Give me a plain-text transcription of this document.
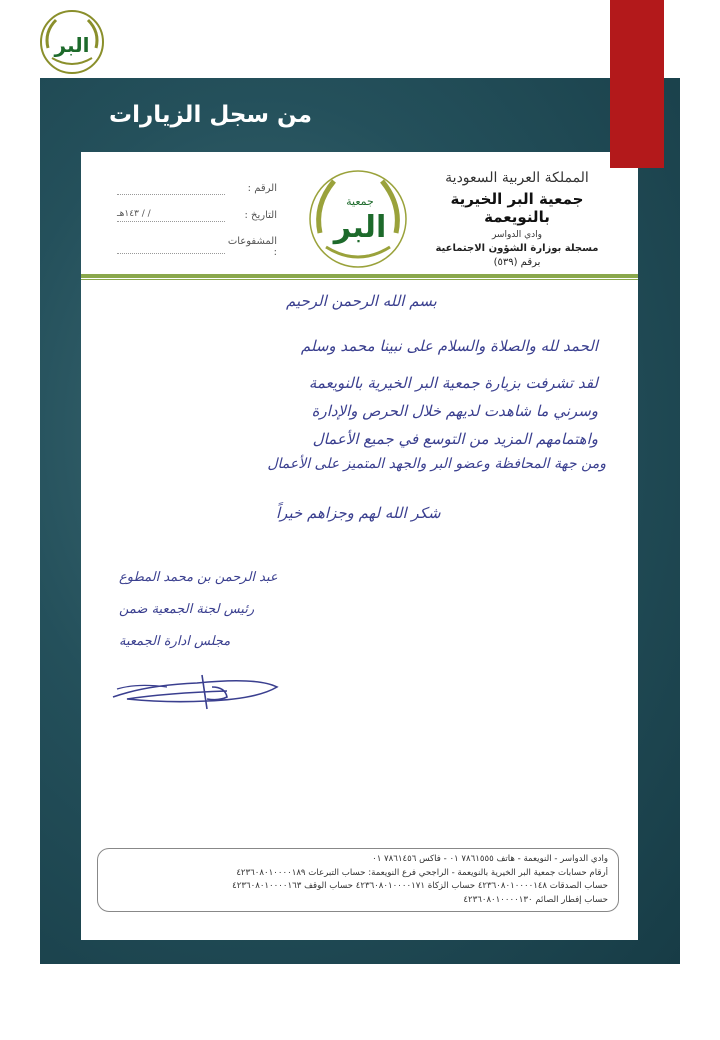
البر
من سجل الزيارات
المملكة العربية السعودية
جمعية البر الخيرية بالنويعمة
وادي الدواسر
مسجلة بوزارة الشؤون الاجتماعية
برقم (٥٣٩)
البر
جمعية
الرقم :
التاريخ :
/ / ١٤٣هـ
المشفوعات :
بسم الله الرحمن الرحيم
الحمد لله والصلاة والسلام على نبينا محمد وسلم
لقد تشرفت بزيارة جمعية البر الخيرية بالنويعمة
وسرني ما شاهدت لديهم خلال الحرص والإدارة
واهتمامهم المزيد من التوسع في جميع الأعمال
ومن جهة المحافظة وعضو البر والجهد المتميز على الأعمال
شكر الله لهم وجزاهم خيراً
عبد الرحمن بن محمد المطوع
رئيس لجنة الجمعية ضمن
مجلس ادارة الجمعية
وادي الدواسر - النويعمة - هاتف ٧٨٦١٥٥٥ ٠١ - فاكس ٧٨٦١٤٥٦ ٠١
أرقام حسابات جمعية البر الخيرية بالنويعمة - الراجحي فرع النويعمة: حساب التبرعات ٤٢٣٦٠٨٠١٠٠٠٠١٨٩
حساب الصدقات ٤٢٣٦٠٨٠١٠٠٠٠١٤٨ حساب الزكاة ٤٢٣٦٠٨٠١٠٠٠٠١٧١ حساب الوقف ٤٢٣٦٠٨٠١٠٠٠٠١٦٣
حساب إفطار الصائم ٤٢٣٦٠٨٠١٠٠٠٠١٣٠
